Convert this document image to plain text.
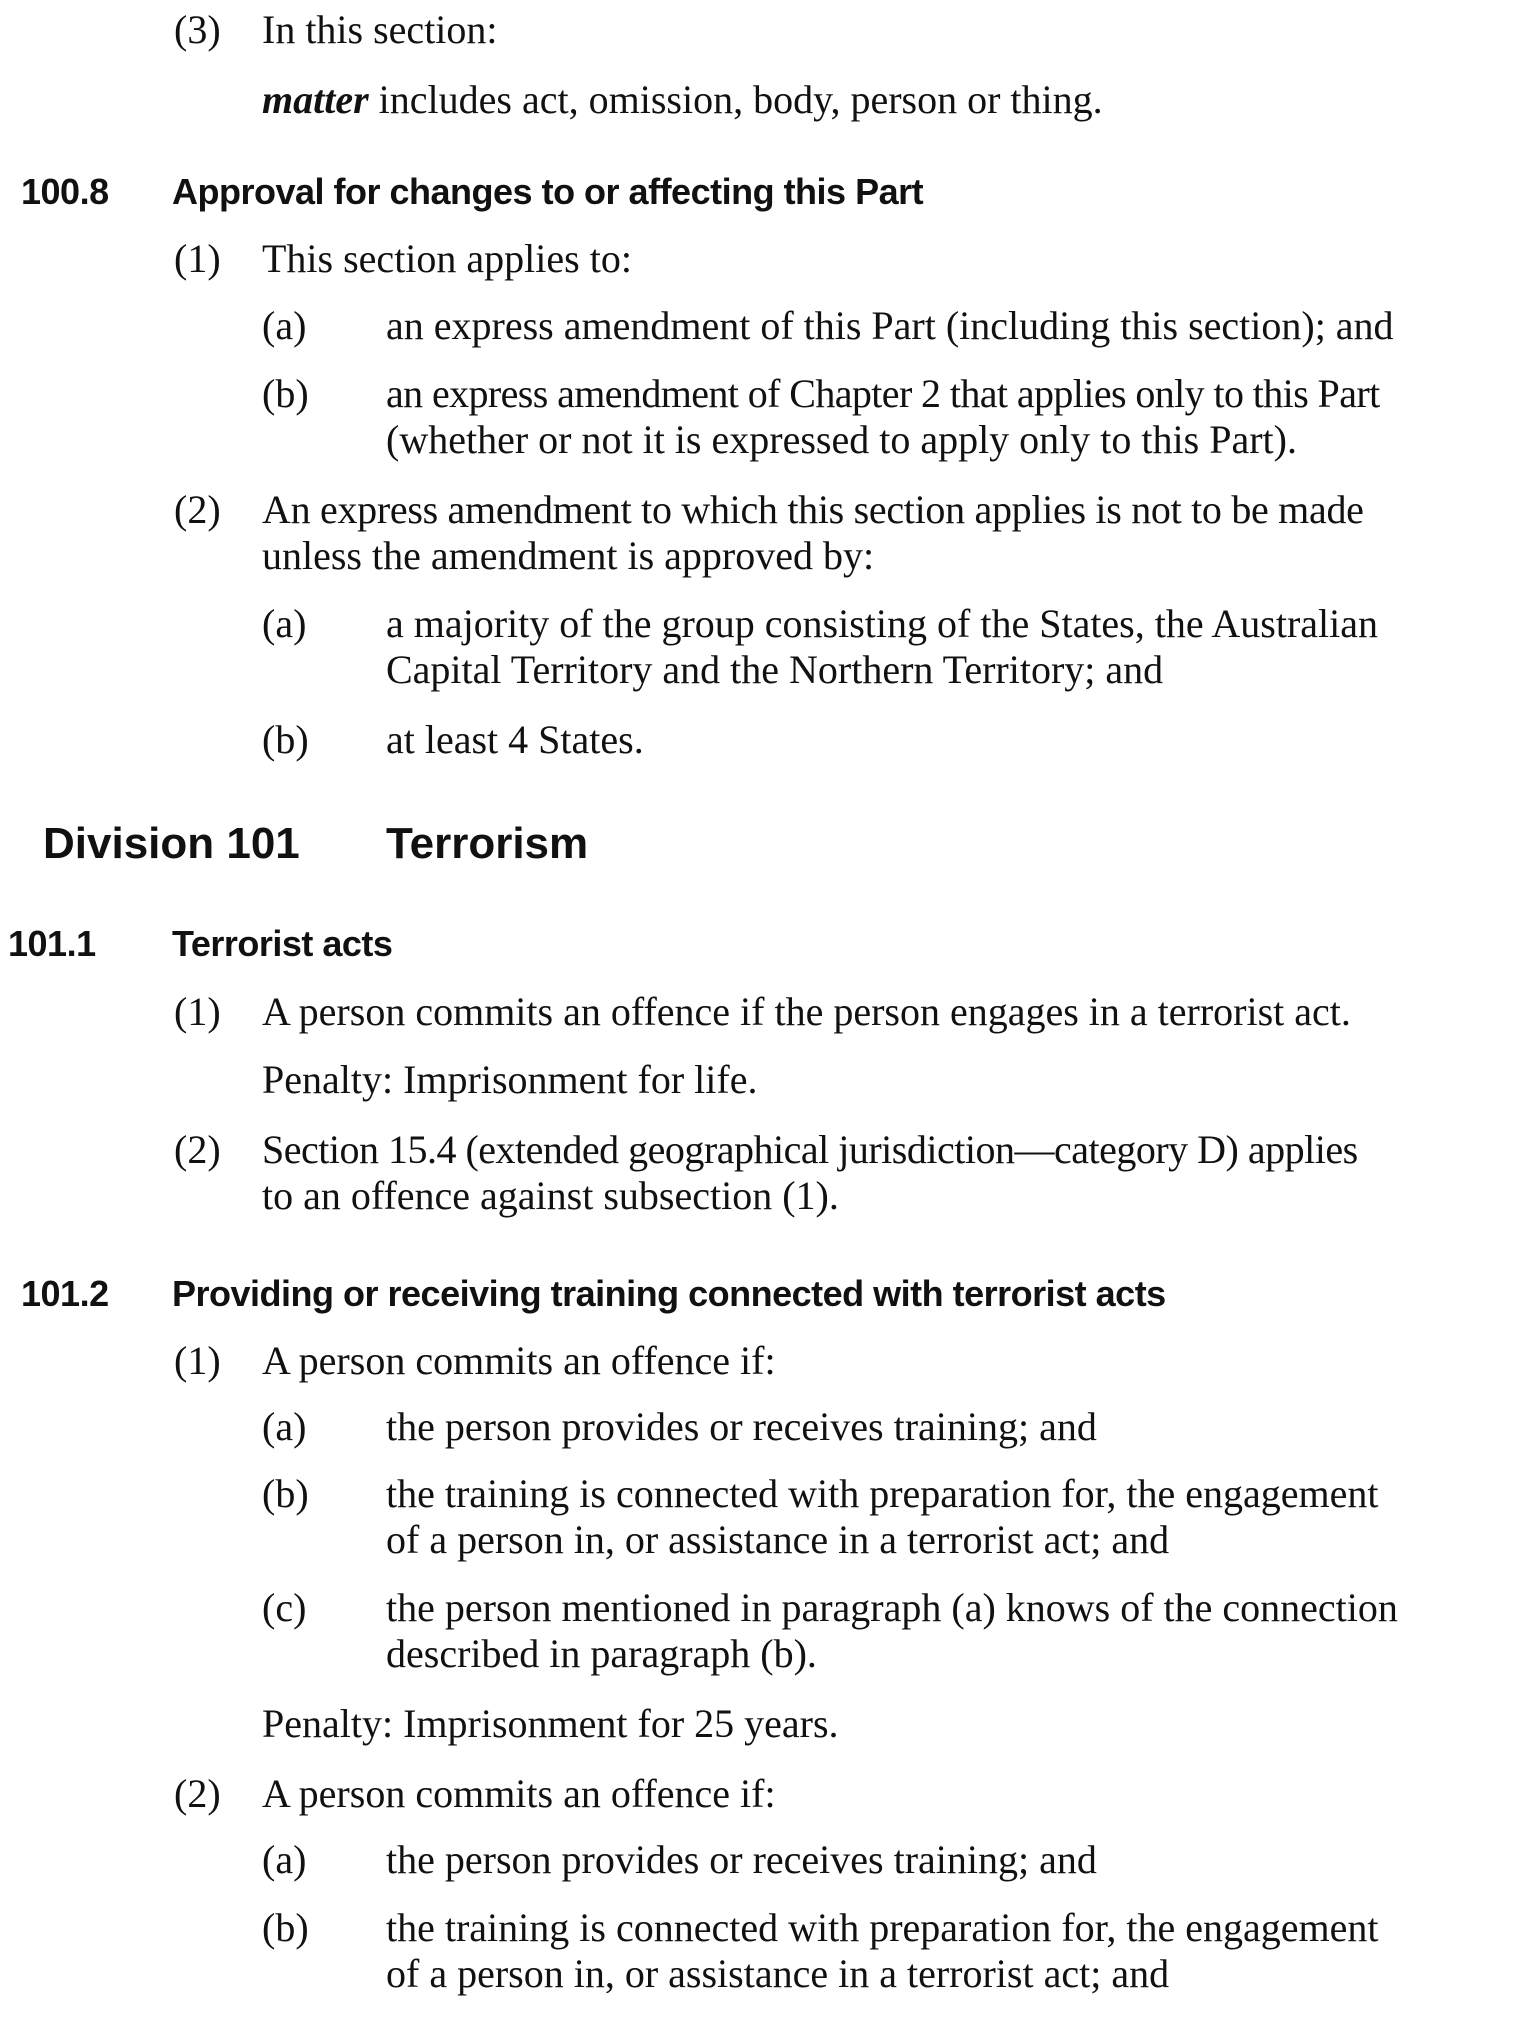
(3) In this section:
matter includes act, omission, body, person or thing.
100.8 Approval for changes to or affecting this Part
(1) This section applies to:
(a) an express amendment of this Part (including this section); and
(b) an express amendment of Chapter 2 that applies only to this Part
(whether or not it is expressed to apply only to this Part).
(2) An express amendment to which this section applies is not to be made
unless the amendment is approved by:
(a) a majority of the group consisting of the States, the Australian
Capital Territory and the Northern Territory; and
(b) at least 4 States.
Division 101 Terrorism
101.1 Terrorist acts
(1) A person commits an offence if the person engages in a terrorist act.
Penalty: Imprisonment for life.
(2) Section 15.4 (extended geographical jurisdiction—category D) applies
to an offence against subsection (1).
101.2 Providing or receiving training connected with terrorist acts
(1) A person commits an offence if:
(a) the person provides or receives training; and
(b) the training is connected with preparation for, the engagement
of a person in, or assistance in a terrorist act; and
(c) the person mentioned in paragraph (a) knows of the connection
described in paragraph (b).
Penalty: Imprisonment for 25 years.
(2) A person commits an offence if:
(a) the person provides or receives training; and
(b) the training is connected with preparation for, the engagement
of a person in, or assistance in a terrorist act; and
